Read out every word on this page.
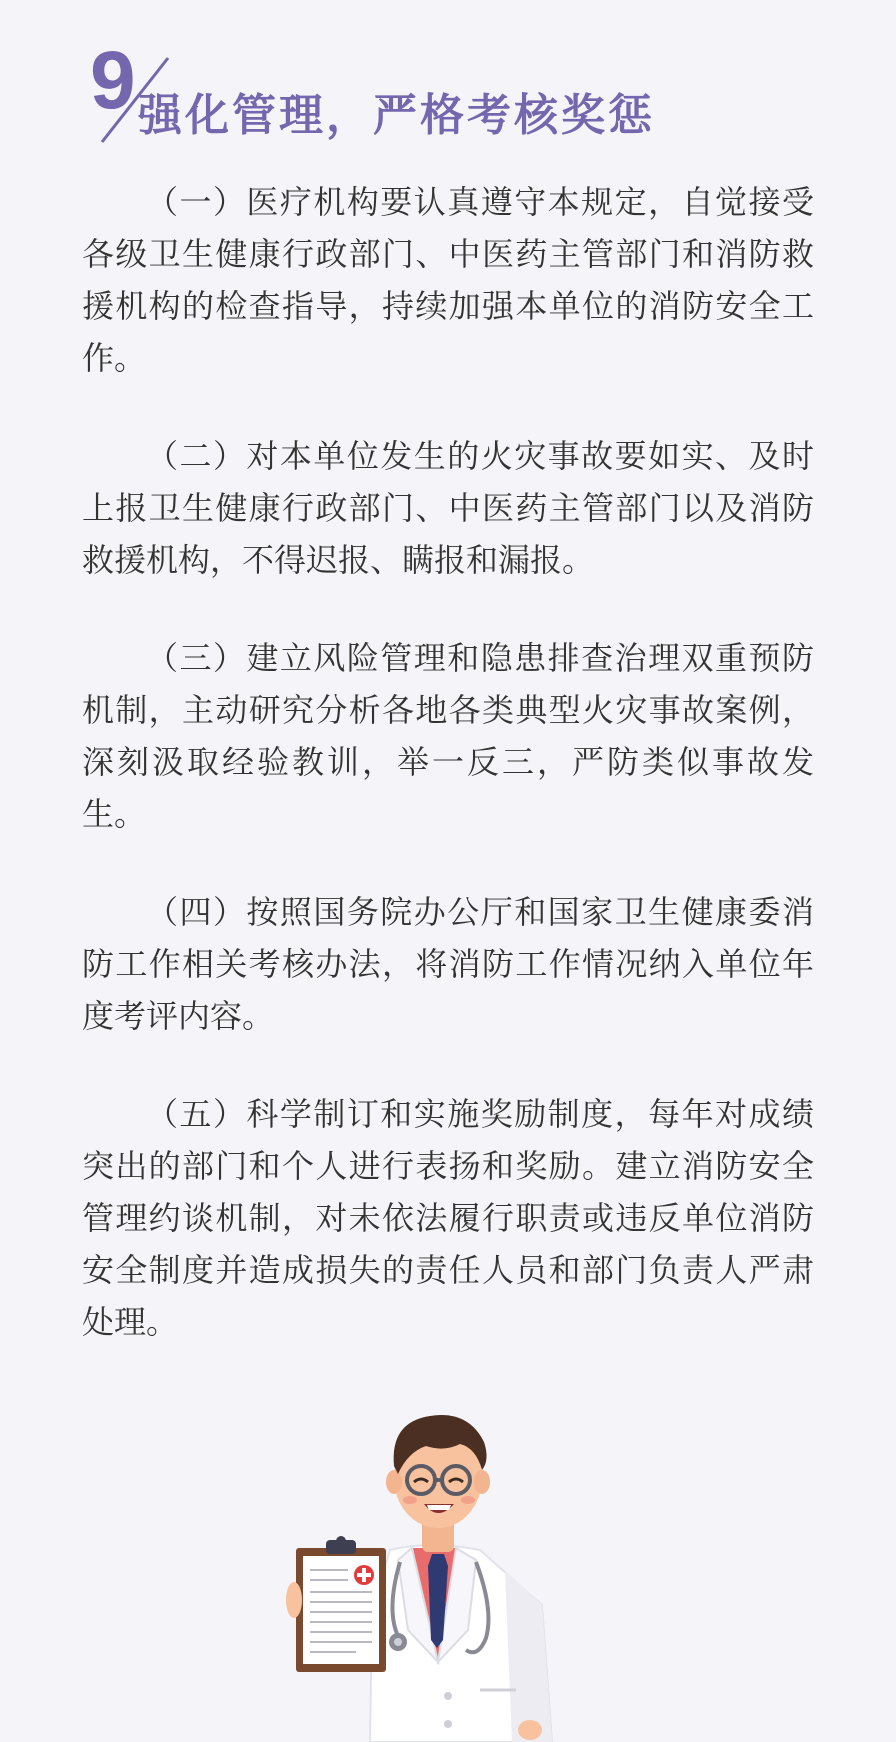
9 强化管理，严格考核奖惩

（一）医疗机构要认真遵守本规定，自觉接受各级卫生健康行政部门、中医药主管部门和消防救援机构的检查指导，持续加强本单位的消防安全工作。

（二）对本单位发生的火灾事故要如实、及时上报卫生健康行政部门、中医药主管部门以及消防救援机构，不得迟报、瞒报和漏报。

（三）建立风险管理和隐患排查治理双重预防机制，主动研究分析各地各类典型火灾事故案例，深刻汲取经验教训，举一反三，严防类似事故发生。

（四）按照国务院办公厅和国家卫生健康委消防工作相关考核办法，将消防工作情况纳入单位年度考评内容。

（五）科学制订和实施奖励制度，每年对成绩突出的部门和个人进行表扬和奖励。建立消防安全管理约谈机制，对未依法履行职责或违反单位消防安全制度并造成损失的责任人员和部门负责人严肃处理。
